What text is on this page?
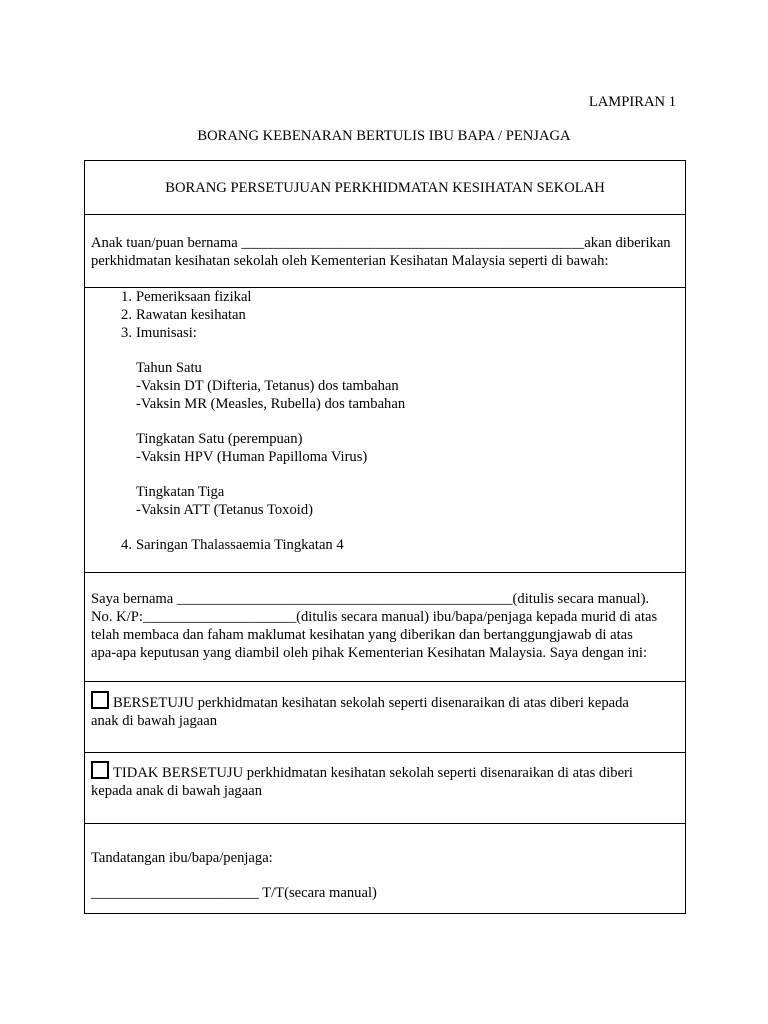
LAMPIRAN 1

BORANG KEBENARAN BERTULIS IBU BAPA / PENJAGA
BORANG PERSETUJUAN PERKHIDMATAN KESIHATAN SEKOLAH

Anak tuan/puan bernama _______________________________________________akan diberikan

perkhidmatan kesihatan sekolah oleh Kementerian Kesihatan Malaysia seperti di bawah:

1. Pemeriksaan fizikal
2. Rawatan kesihatan
3. Imunisasi:

Tahun Satu

-Vaksin DT (Difteria, Tetanus) dos tambahan

-Vaksin MR (Measles, Rubella) dos tambahan

Tingkatan Satu (perempuan)

-Vaksin HPV (Human Papilloma Virus)

Tingkatan Tiga

-Vaksin ATT (Tetanus Toxoid)

4. Saringan Thalassaemia Tingkatan 4

Saya bernama ______________________________________________(ditulis secara manual).

No. K/P:_____________________(ditulis secara manual) ibu/bapa/penjaga kepada murid di atas

telah membaca dan faham maklumat kesihatan yang diberikan dan bertanggungjawab di atas

apa-apa keputusan yang diambil oleh pihak Kementerian Kesihatan Malaysia. Saya dengan ini:

BERSETUJU perkhidmatan kesihatan sekolah seperti disenaraikan di atas diberi kepada

anak di bawah jagaan

TIDAK BERSETUJU perkhidmatan kesihatan sekolah seperti disenaraikan di atas diberi

kepada anak di bawah jagaan

Tandatangan ibu/bapa/penjaga:

_______________________ T/T(secara manual)
